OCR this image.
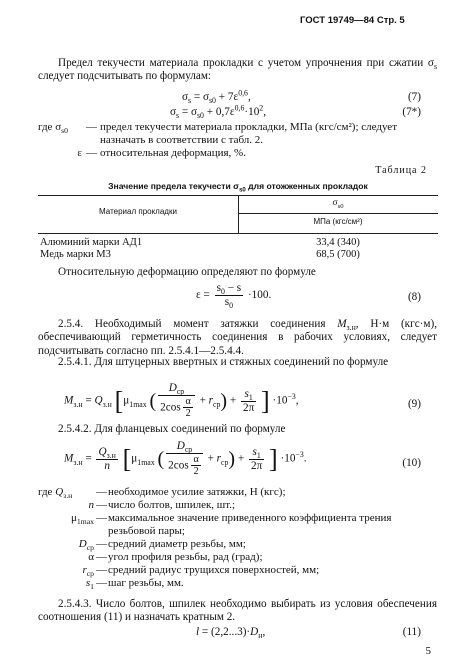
ГОСТ 19749—84 Стр. 5
Предел текучести материала прокладки с учетом упрочнения при сжатии $\sigma_s$ следует подсчитывать по формулам:
$\sigma_s = \sigma_{s0} + 7\varepsilon^{0,6}$,	(7)
$\sigma_s = \sigma_{s0} + 0,7\varepsilon^{0,6}\cdot 10^2$,	(7*)
где $\sigma_{s0}$	—	предел текучести материала прокладки, МПа (кгс/см²); следует назначать в соответствии с табл. 2.
ε	—	относительная деформация, %.
Таблица 2
Значение предела текучести $\sigma_{s0}$ для отожженных прокладок
Материал прокладки
$\sigma_{s0}$
МПа (кгс/см²)
Алюминий марки АД1	33,4 (340)
Медь марки М3	68,5 (700)
Относительную деформацию определяют по формуле
$\varepsilon = \frac{s_0 - s}{s_0} \cdot 100$.	(8)
2.5.4. Необходимый момент затяжки соединения $M_{з.н}$, Н·м (кгс·м), обеспечивающий герметичность соединения в рабочих условиях, следует подсчитывать согласно пп. 2.5.4.1—2.5.4.4.
2.5.4.1. Для штуцерных ввертных и стяжных соединений по формуле
$M_{з.н} = Q_{з.н}$ [$\mu_{1max}$ ( $\frac{D_{ср}}{2\cos \frac{\alpha}{2}} + r_{ср}) + \frac{s_1}{2\pi}$ ] $\cdot 10^{-3}$,	(9)
2.5.4.2. Для фланцевых соединений по формуле
$M_{з.н} = \frac{Q_{з.н}}{n} [\mu_{1max}$ ( $\frac{D_{ср}}{2\cos \frac{\alpha}{2}} + r_{ср}) + \frac{s_1}{2\pi}$ ] $\cdot 10^{-3}$.	(10)
где $Q_{з.н}$	—	необходимое усилие затяжки, Н (кгс);
n	—	число болтов, шпилек, шт.;
$\mu_{1max}$	—	максимальное значение приведенного коэффициента трения резьбовой пары;
$D_{ср}$	—	средний диаметр резьбы, мм;
α	—	угол профиля резьбы, рад (град);
$r_{ср}$	—	средний радиус трущихся поверхностей, мм;
$s_1$	—	шаг резьбы, мм.
2.5.4.3. Число болтов, шпилек необходимо выбирать из условия обеспечения соотношения (11) и назначать кратным 2.
$l = (2,2...3)\cdot D_н$,	(11)
5
